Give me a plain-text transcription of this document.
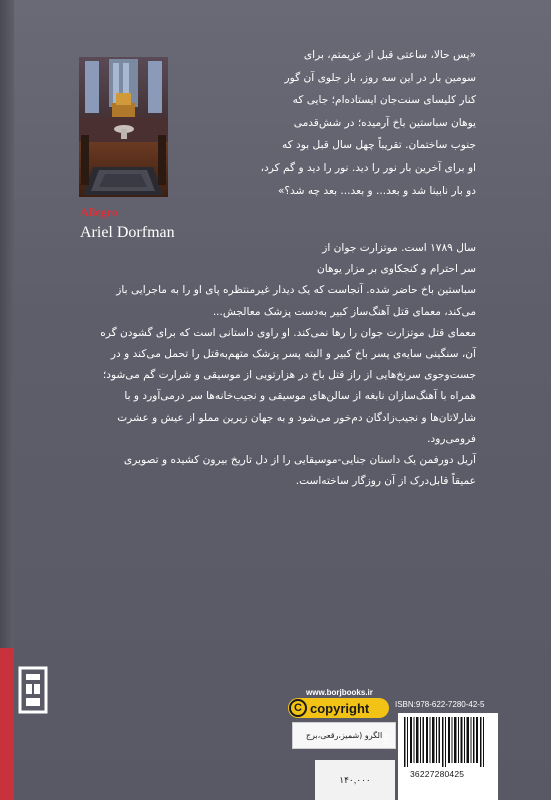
Allegro
Ariel Dorfman
«پس حالا، ساعتی قبل از عزیمتم، برای
سومین بار در این سه روز، باز جلوی آن گور
کنار کلیسای سنت‌جان ایستاده‌ام؛ جایی که
یوهان سباستین باخ آرمیده؛ در شش‌قدمی
جنوب ساختمان. تقریباً چهل سال قبل بود که
او برای آخرین بار نور را دید. نور را دید و گم کرد،
دو بار نابینا شد و بعد... و بعد... بعد چه شد؟»
سال ۱۷۸۹ است. موتزارت جوان از
سر احترام و کنجکاوی بر مزار یوهان
سباستین باخ حاضر شده. آنجاست که یک دیدار غیرمنتظره پای او را به ماجرایی باز
می‌کند، معمای قتل آهنگ‌ساز کبیر به‌دست پزشک معالجش...
معمای قتل موتزارت جوان را رها نمی‌کند. او راوی داستانی است که برای گشودن گره
آن، سنگینی سایه‌ی پسر باخ کبیر و البته پسر پزشک متهم‌به‌قتل را تحمل می‌کند و در
جست‌وجوی سرنخ‌هایی از راز قتل باخ در هزارتویی از موسیقی و شرارت گم می‌شود؛
همراه با آهنگ‌سازان نابغه از سالن‌های موسیقی و نجیب‌خانه‌ها سر درمی‌آورد و با
شارلاتان‌ها و نجیب‌زادگان دم‌خور می‌شود و به جهان زیرین مملو از عیش و عشرت
فرومی‌رود.
آریل دورفمن یک داستان جنایی-موسیقایی را از دل تاریخ بیرون کشیده و تصویری
عمیقاً قابل‌درک از آن روزگار ساخته‌است.
www.borjbooks.ir
C copyright	ISBN:978-622-7280-42-5
الگرو (شمیز،رقعی،برج
۱۴۰,۰۰۰
۱۳۷۳۰
36227280425
